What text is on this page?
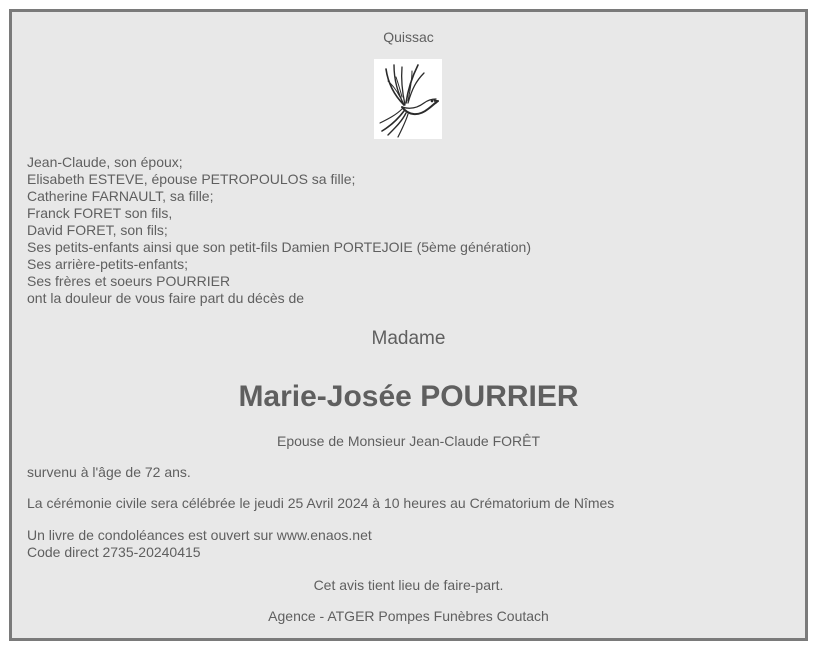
Quissac
Jean-Claude, son époux;
Elisabeth ESTEVE, épouse PETROPOULOS sa fille;
Catherine FARNAULT, sa fille;
Franck FORET son fils,
David FORET, son fils;
Ses petits-enfants ainsi que son petit-fils Damien PORTEJOIE (5ème génération)
Ses arrière-petits-enfants;
Ses frères et soeurs POURRIER
ont la douleur de vous faire part du décès de
Madame
Marie-Josée POURRIER
Epouse de Monsieur Jean-Claude FORÊT
survenu à l'âge de 72 ans.
La cérémonie civile sera célébrée le jeudi 25 Avril 2024 à 10 heures au Crématorium de Nîmes
Un livre de condoléances est ouvert sur www.enaos.net
Code direct 2735-20240415
Cet avis tient lieu de faire-part.
Agence - ATGER Pompes Funèbres Coutach
